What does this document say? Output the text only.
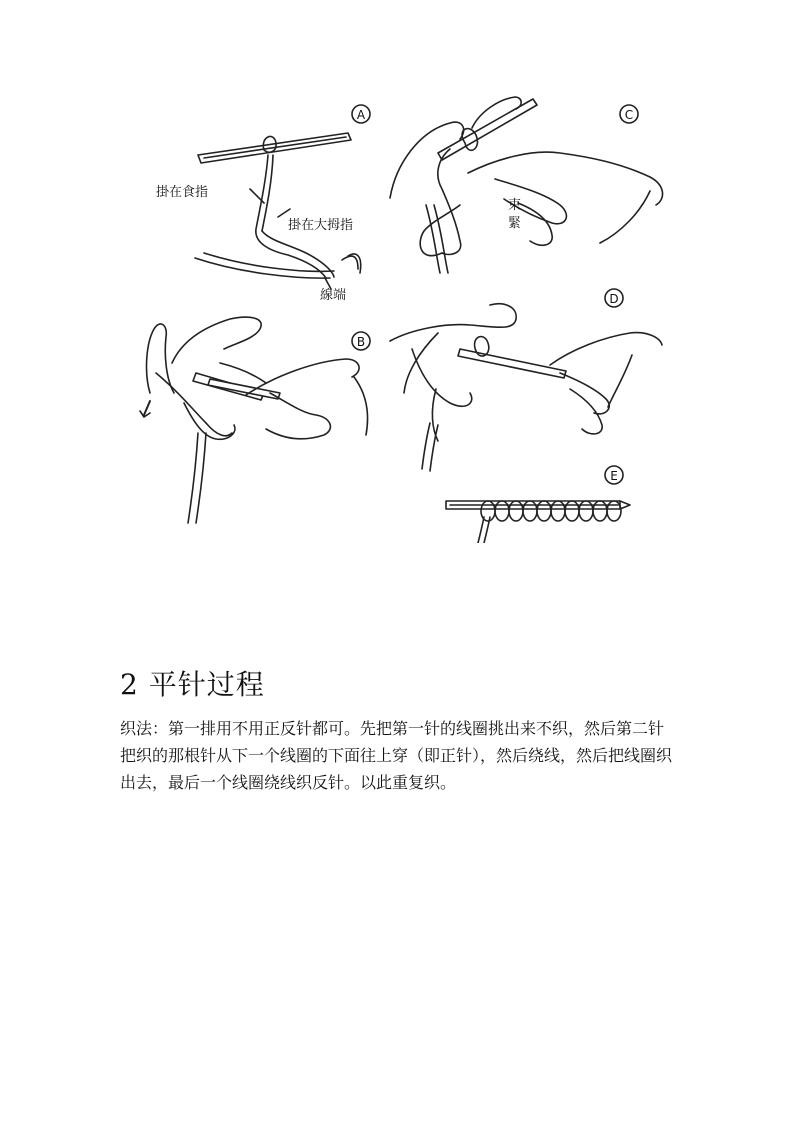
A	C
B
D
E
掛在食指
掛在大拇指
線端
束
緊
2 平针过程

织法：第一排用不用正反针都可。先把第一针的线圈挑出来不织，然后第二针把织的那根针从下一个线圈的下面往上穿（即正针），然后绕线，然后把线圈织出去，最后一个线圈绕线织反针。以此重复织。
